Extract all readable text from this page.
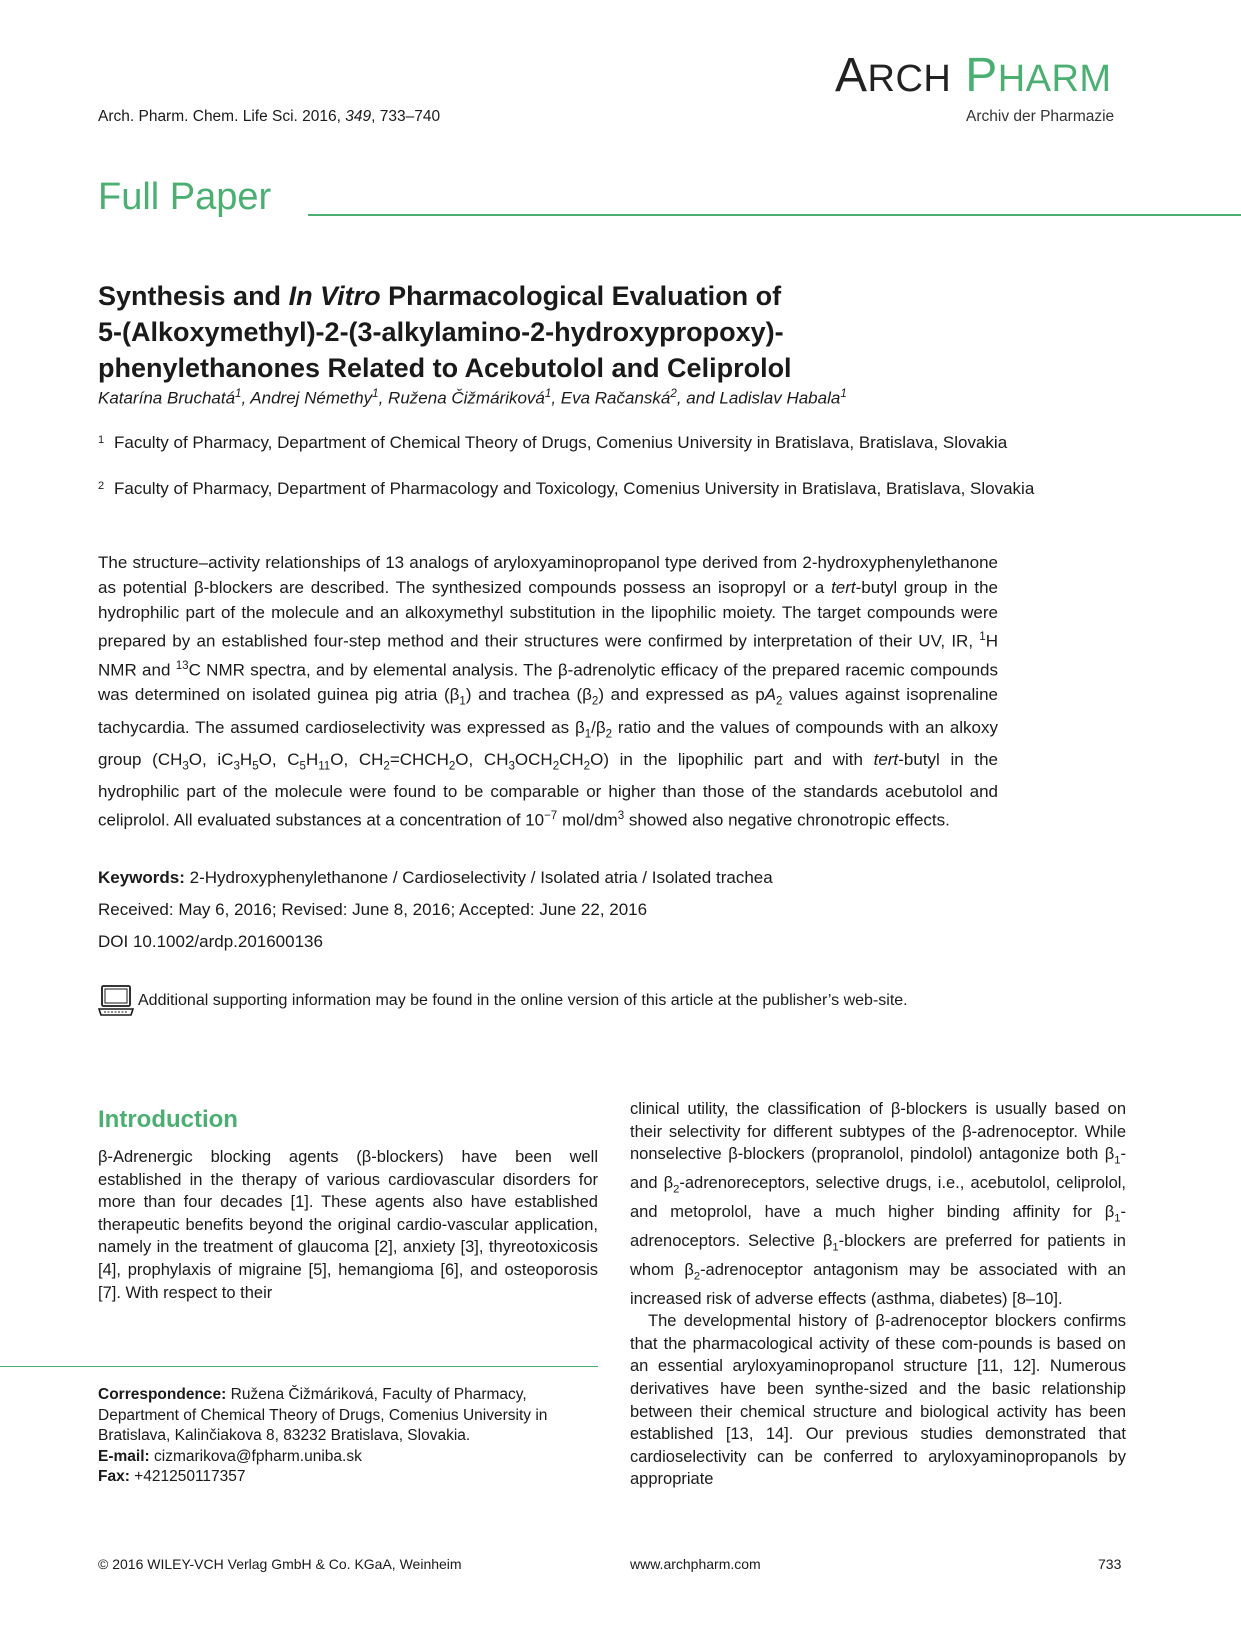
Arch. Pharm. Chem. Life Sci. 2016, 349, 733–740
ARCH PHARM
Archiv der Pharmazie
Full Paper
Synthesis and In Vitro Pharmacological Evaluation of
5-(Alkoxymethyl)-2-(3-alkylamino-2-hydroxypropoxy)-
phenylethanones Related to Acebutolol and Celiprolol
Katarína Bruchatá$^1$, Andrej Némethy$^1$, Ružena Čižmáriková$^1$, Eva Račanská$^2$, and Ladislav Habala$^1$
1 Faculty of Pharmacy, Department of Chemical Theory of Drugs, Comenius University in Bratislava, Bratislava, Slovakia
2 Faculty of Pharmacy, Department of Pharmacology and Toxicology, Comenius University in Bratislava, Bratislava, Slovakia
The structure–activity relationships of 13 analogs of aryloxyaminopropanol type derived from 2-hydroxyphenylethanone as potential β-blockers are described. The synthesized compounds possess an isopropyl or a tert-butyl group in the hydrophilic part of the molecule and an alkoxymethyl substitution in the lipophilic moiety. The target compounds were prepared by an established four-step method and their structures were confirmed by interpretation of their UV, IR, $^1$H NMR and $^{13}$C NMR spectra, and by elemental analysis. The β-adrenolytic efficacy of the prepared racemic compounds was determined on isolated guinea pig atria $(\beta_1)$ and trachea $(\beta_2)$ and expressed as $pA_2$ values against isoprenaline tachycardia. The assumed cardioselectivity was expressed as $\beta_1/\beta_2$ ratio and the values of compounds with an alkoxy group ($CH_3O$, $iC_3H_5O$, $C_5H_{11}O$, $CH_2=CHCH_2O$, $CH_3OCH_2CH_2O$) in the lipophilic part and with tert-butyl in the hydrophilic part of the molecule were found to be comparable or higher than those of the standards acebutolol and celiprolol. All evaluated substances at a concentration of $10^{-7}$ mol/$dm^3$ showed also negative chronotropic effects.
Keywords: 2-Hydroxyphenylethanone / Cardioselectivity / Isolated atria / Isolated trachea
Received: May 6, 2016; Revised: June 8, 2016; Accepted: June 22, 2016
DOI 10.1002/ardp.201600136
Additional supporting information may be found in the online version of this article at the publisher’s web-site.
Introduction

β-Adrenergic blocking agents (β-blockers) have been well established in the therapy of various cardiovascular disorders for more than four decades [1]. These agents also have established therapeutic benefits beyond the original cardio-vascular application, namely in the treatment of glaucoma [2], anxiety [3], thyreotoxicosis [4], prophylaxis of migraine [5], hemangioma [6], and osteoporosis [7]. With respect to their

Correspondence: Ružena Čižmáriková, Faculty of Pharmacy, Department of Chemical Theory of Drugs, Comenius University in Bratislava, Kalinčiakova 8, 83232 Bratislava, Slovakia.
E-mail: cizmarikova@fpharm.uniba.sk
Fax: +421250117357

clinical utility, the classification of β-blockers is usually based on their selectivity for different subtypes of the β-adrenoceptor. While nonselective β-blockers (propranolol, pindolol) antagonize both $\beta_1-$ and $\beta_2$-adrenoreceptors, selective drugs, i.e., acebutolol, celiprolol, and metoprolol, have a much higher binding affinity for $\beta_1$-adrenoceptors. Selective $\beta_1$-blockers are preferred for patients in whom $\beta_2$-adrenoceptor antagonism may be associated with an increased risk of adverse effects (asthma, diabetes) [8–10].

The developmental history of β-adrenoceptor blockers confirms that the pharmacological activity of these com-pounds is based on an essential aryloxyaminopropanol structure [11, 12]. Numerous derivatives have been synthe-sized and the basic relationship between their chemical structure and biological activity has been established [13, 14]. Our previous studies demonstrated that cardioselectivity can be conferred to aryloxyaminopropanols by appropriate

© 2016 WILEY-VCH Verlag GmbH & Co. KGaA, Weinheim	www.archpharm.com	733
